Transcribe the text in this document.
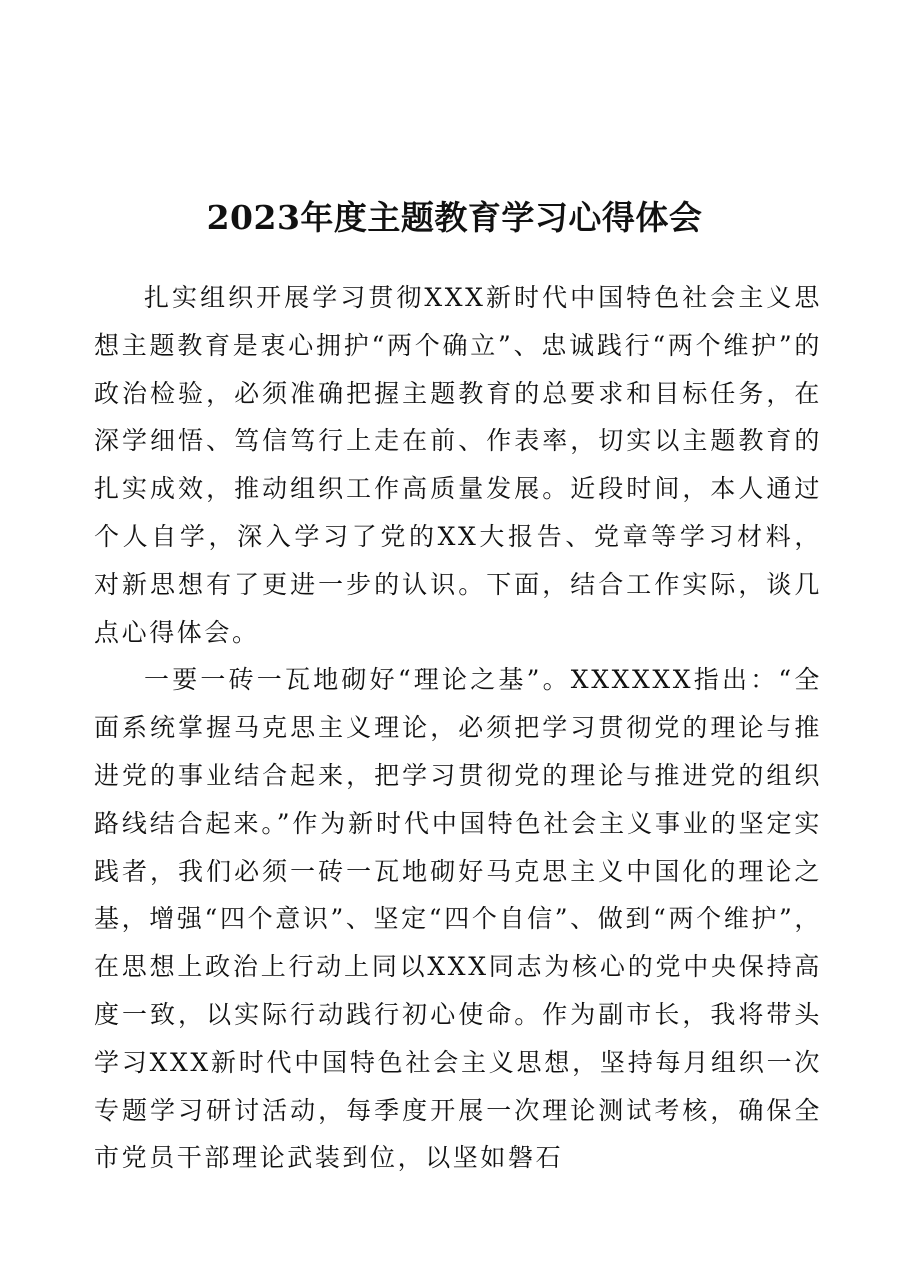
2023年度主题教育学习心得体会

扎实组织开展学习贯彻XXX新时代中国特色社会主义思想主题教育是衷心拥护“两个确立”、忠诚践行“两个维护”的政治检验，必须准确把握主题教育的总要求和目标任务，在深学细悟、笃信笃行上走在前、作表率，切实以主题教育的扎实成效，推动组织工作高质量发展。近段时间，本人通过个人自学，深入学习了党的XX大报告、党章等学习材料，对新思想有了更进一步的认识。下面，结合工作实际，谈几点心得体会。

一要一砖一瓦地砌好“理论之基”。XXXXXX指出：“全面系统掌握马克思主义理论，必须把学习贯彻党的理论与推进党的事业结合起来，把学习贯彻党的理论与推进党的组织路线结合起来。”作为新时代中国特色社会主义事业的坚定实践者，我们必须一砖一瓦地砌好马克思主义中国化的理论之基，增强“四个意识”、坚定“四个自信”、做到“两个维护”，在思想上政治上行动上同以XXX同志为核心的党中央保持高度一致，以实际行动践行初心使命。作为副市长，我将带头学习XXX新时代中国特色社会主义思想，坚持每月组织一次专题学习研讨活动，每季度开展一次理论测试考核，确保全市党员干部理论武装到位，以坚如磐石
